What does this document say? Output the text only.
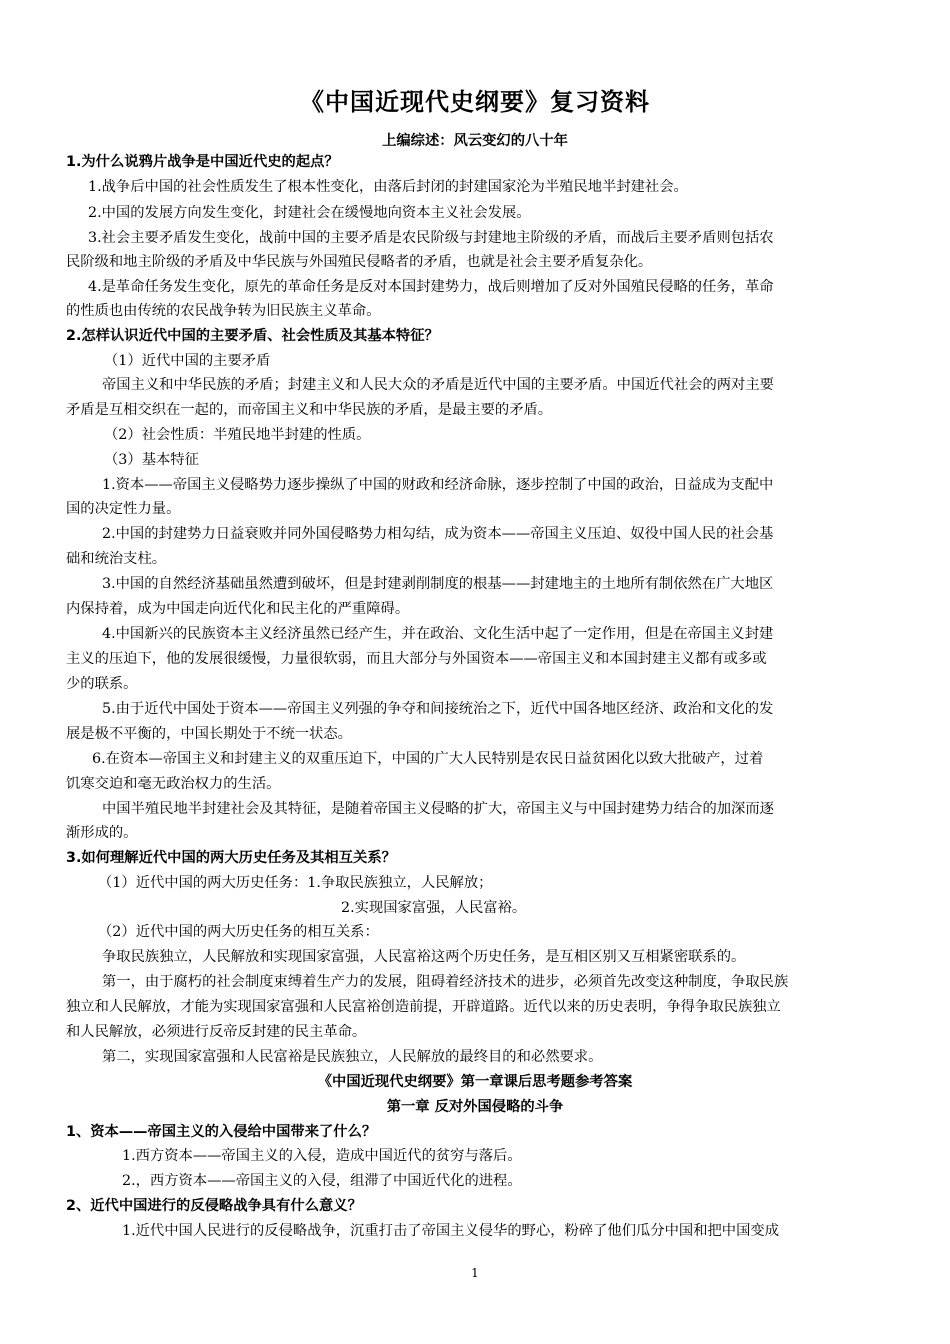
《中国近现代史纲要》复习资料
上编综述：风云变幻的八十年
1.为什么说鸦片战争是中国近代史的起点？
1.战争后中国的社会性质发生了根本性变化，由落后封闭的封建国家沦为半殖民地半封建社会。
2.中国的发展方向发生变化，封建社会在缓慢地向资本主义社会发展。
3.社会主要矛盾发生变化，战前中国的主要矛盾是农民阶级与封建地主阶级的矛盾，而战后主要矛盾则包括农
民阶级和地主阶级的矛盾及中华民族与外国殖民侵略者的矛盾，也就是社会主要矛盾复杂化。
4.是革命任务发生变化，原先的革命任务是反对本国封建势力，战后则增加了反对外国殖民侵略的任务，革命
的性质也由传统的农民战争转为旧民族主义革命。
2.怎样认识近代中国的主要矛盾、社会性质及其基本特征？
（1）近代中国的主要矛盾
帝国主义和中华民族的矛盾；封建主义和人民大众的矛盾是近代中国的主要矛盾。中国近代社会的两对主要
矛盾是互相交织在一起的，而帝国主义和中华民族的矛盾，是最主要的矛盾。
（2）社会性质：半殖民地半封建的性质。
（3）基本特征
1.资本——帝国主义侵略势力逐步操纵了中国的财政和经济命脉，逐步控制了中国的政治，日益成为支配中
国的决定性力量。
2.中国的封建势力日益衰败并同外国侵略势力相勾结，成为资本——帝国主义压迫、奴役中国人民的社会基
础和统治支柱。
3.中国的自然经济基础虽然遭到破坏，但是封建剥削制度的根基——封建地主的土地所有制依然在广大地区
内保持着，成为中国走向近代化和民主化的严重障碍。
4.中国新兴的民族资本主义经济虽然已经产生，并在政治、文化生活中起了一定作用，但是在帝国主义封建
主义的压迫下，他的发展很缓慢，力量很软弱，而且大部分与外国资本——帝国主义和本国封建主义都有或多或
少的联系。
5.由于近代中国处于资本——帝国主义列强的争夺和间接统治之下，近代中国各地区经济、政治和文化的发
展是极不平衡的，中国长期处于不统一状态。
6.在资本—帝国主义和封建主义的双重压迫下，中国的广大人民特别是农民日益贫困化以致大批破产，过着
饥寒交迫和毫无政治权力的生活。
中国半殖民地半封建社会及其特征，是随着帝国主义侵略的扩大，帝国主义与中国封建势力结合的加深而逐
渐形成的。
3.如何理解近代中国的两大历史任务及其相互关系？
（1）近代中国的两大历史任务：1.争取民族独立，人民解放；
2.实现国家富强，人民富裕。
（2）近代中国的两大历史任务的相互关系：
争取民族独立，人民解放和实现国家富强，人民富裕这两个历史任务，是互相区别又互相紧密联系的。
第一，由于腐朽的社会制度束缚着生产力的发展，阻碍着经济技术的进步，必须首先改变这种制度，争取民族
独立和人民解放，才能为实现国家富强和人民富裕创造前提，开辟道路。近代以来的历史表明，争得争取民族独立
和人民解放，必须进行反帝反封建的民主革命。
第二，实现国家富强和人民富裕是民族独立，人民解放的最终目的和必然要求。
《中国近现代史纲要》第一章课后思考题参考答案
第一章 反对外国侵略的斗争
1、资本——帝国主义的入侵给中国带来了什么？
1.西方资本——帝国主义的入侵，造成中国近代的贫穷与落后。
2.，西方资本——帝国主义的入侵，组滞了中国近代化的进程。
2、近代中国进行的反侵略战争具有什么意义？
1.近代中国人民进行的反侵略战争，沉重打击了帝国主义侵华的野心，粉碎了他们瓜分中国和把中国变成
1
